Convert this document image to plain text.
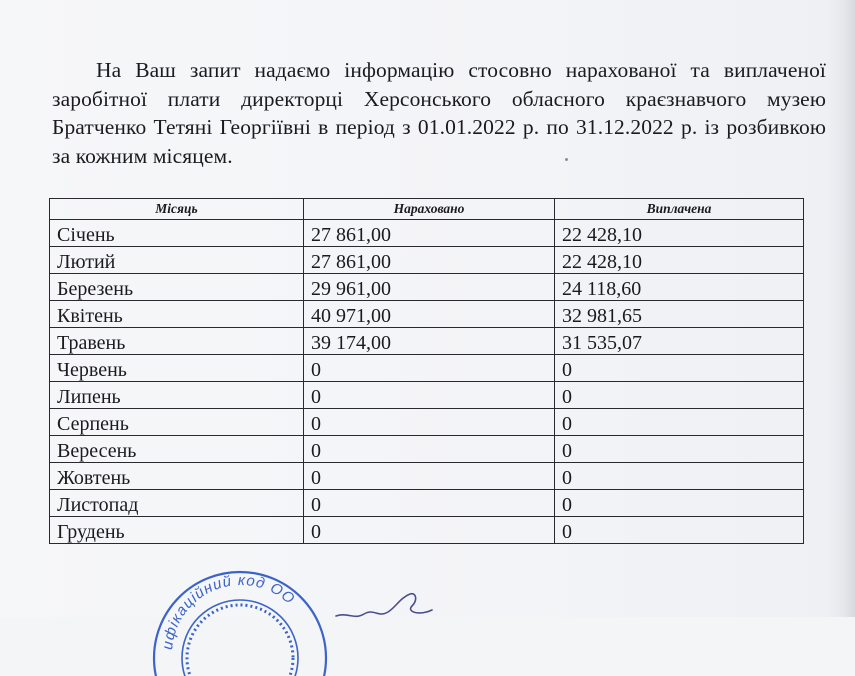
На Ваш запит надаємо інформацію стосовно нарахованої та виплаченої заробітної плати директорці Херсонського обласного краєзнавчого музею Братченко Тетяні Георгіївні в період з 01.01.2022 р. по 31.12.2022 р. із розбивкою за кожним місяцем.

Місяць	Нараховано	Виплачена
Січень	27 861,00	22 428,10
Лютий	27 861,00	22 428,10
Березень	29 961,00	24 118,60
Квітень	40 971,00	32 981,65
Травень	39 174,00	31 535,07
Червень	0	0
Липень	0	0
Серпень	0	0
Вересень	0	0
Жовтень	0	0
Листопад	0	0
Грудень	0	0
ифікаційний код ОО
